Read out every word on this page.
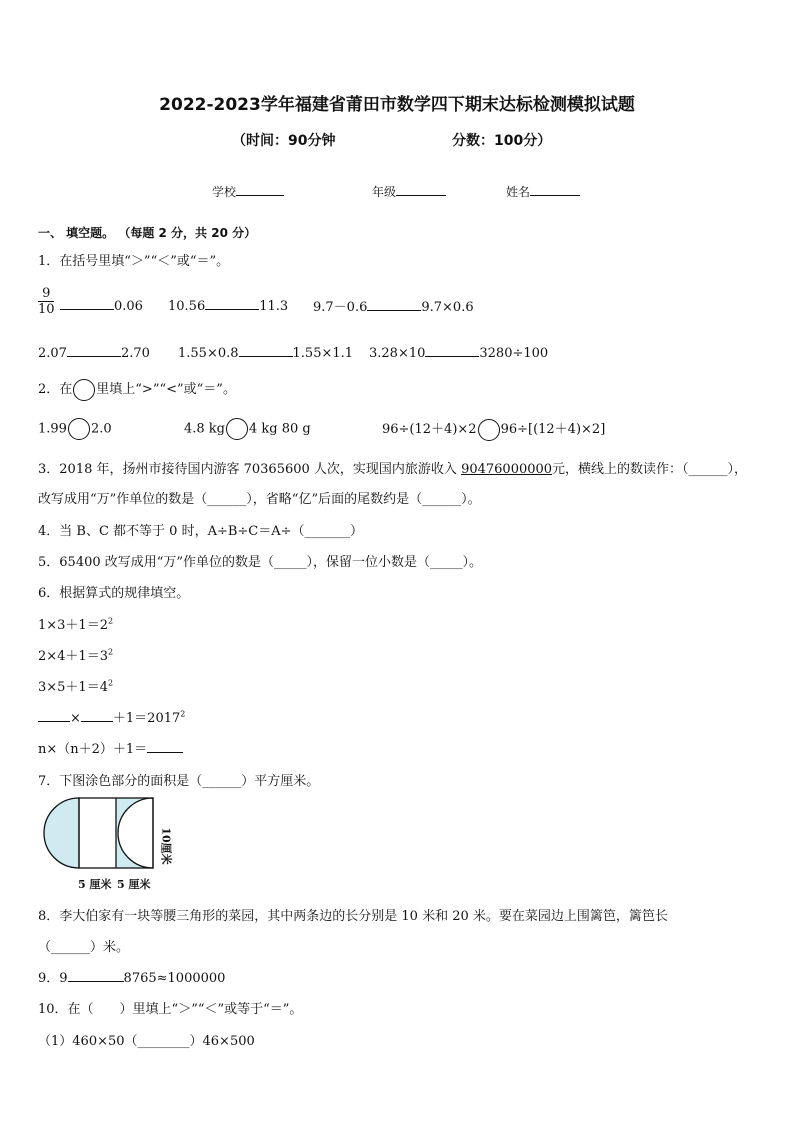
2022-2023学年福建省莆田市数学四下期末达标检测模拟试题
（时间：90分钟	分数：100分）
学校	年级	姓名
一、 填空题。 （每题 2 分，共 20 分）
1．在括号里填“＞”“＜”或“＝”。
9
10	0.06 10.56	11.3 9.7－0.6	9.7×0.6
2.07	2.70 1.55×0.8	1.55×1.1 3.28×10	3280÷100
2．在 里填上“>”“<”或“＝”。
1.99 2.0	4.8 kg 4 kg 80 g	96÷(12＋4)×2 96÷[(12＋4)×2]
3．2018 年，扬州市接待国内游客 70365600 人次，实现国内旅游收入 90476000000元，横线上的数读作：（______），
改写成用“万”作单位的数是（______），省略“亿”后面的尾数约是（______）。
4．当 B、C 都不等于 0 时，A÷B÷C＝A÷（_______）
5．65400 改写成用“万”作单位的数是（_____），保留一位小数是（_____）。
6．根据算式的规律填空。
$1\times 3+1=2^2$
$2\times 4+1=3^2$
$3\times 5+1=4^2$
× $+1=2017^2$
n×（n＋2）＋1＝
7．下图涂色部分的面积是（______）平方厘米。
10厘米
5 厘米 5 厘米
8．李大伯家有一块等腰三角形的菜园，其中两条边的长分别是 10 米和 20 米。要在菜园边上围篱笆，篱笆长
（______）米。
9．9	8765≈1000000
10．在（　　）里填上“＞”“＜”或等于“＝”。
（1）460×50（________）46×500
